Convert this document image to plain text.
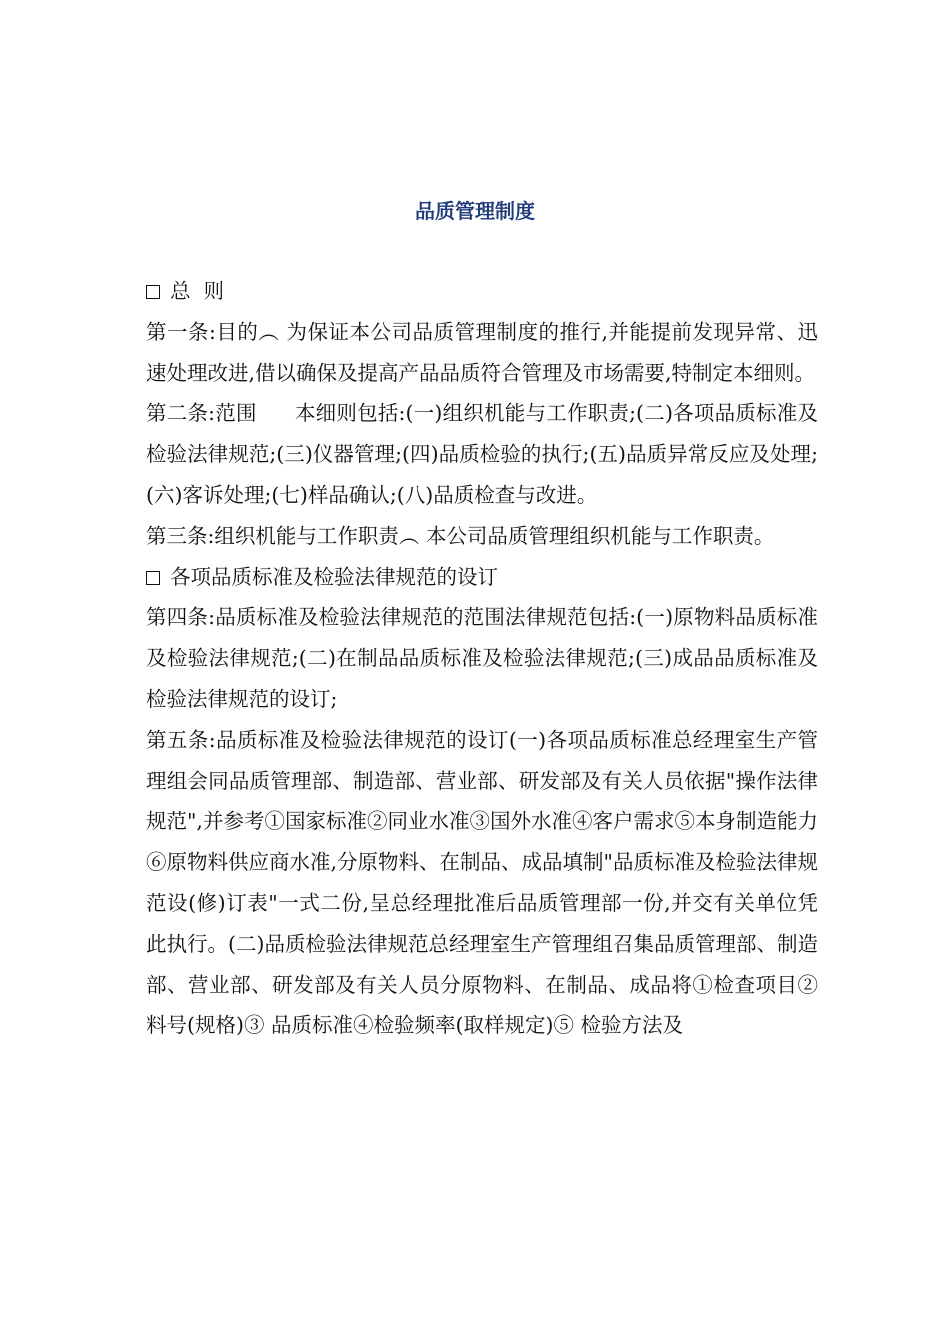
品质管理制度

总  则

第一条:目的︵ 为保证本公司品质管理制度的推行,并能提前发现异常、迅速处理改进,借以确保及提高产品品质符合管理及市场需要,特制定本细则。

第二条:范围 本细则包括:(一)组织机能与工作职责;(二)各项品质标准及检验法律规范;(三)仪器管理;(四)品质检验的执行;(五)品质异常反应及处理;(六)客诉处理;(七)样品确认;(八)品质检查与改进。

第三条:组织机能与工作职责︵ 本公司品质管理组织机能与工作职责。

各项品质标准及检验法律规范的设订

第四条:品质标准及检验法律规范的范围法律规范包括:(一)原物料品质标准及检验法律规范;(二)在制品品质标准及检验法律规范;(三)成品品质标准及检验法律规范的设订;

第五条:品质标准及检验法律规范的设订(一)各项品质标准总经理室生产管理组会同品质管理部、制造部、营业部、研发部及有关人员依据"操作法律规范",并参考①国家标准②同业水准③国外水准④客户需求⑤本身制造能力⑥原物料供应商水准,分原物料、在制品、成品填制"品质标准及检验法律规范设(修)订表"一式二份,呈总经理批准后品质管理部一份,并交有关单位凭此执行。(二)品质检验法律规范总经理室生产管理组召集品质管理部、制造部、营业部、研发部及有关人员分原物料、在制品、成品将①检查项目②料号(规格)③ 品质标准④检验频率(取样规定)⑤ 检验方法及
